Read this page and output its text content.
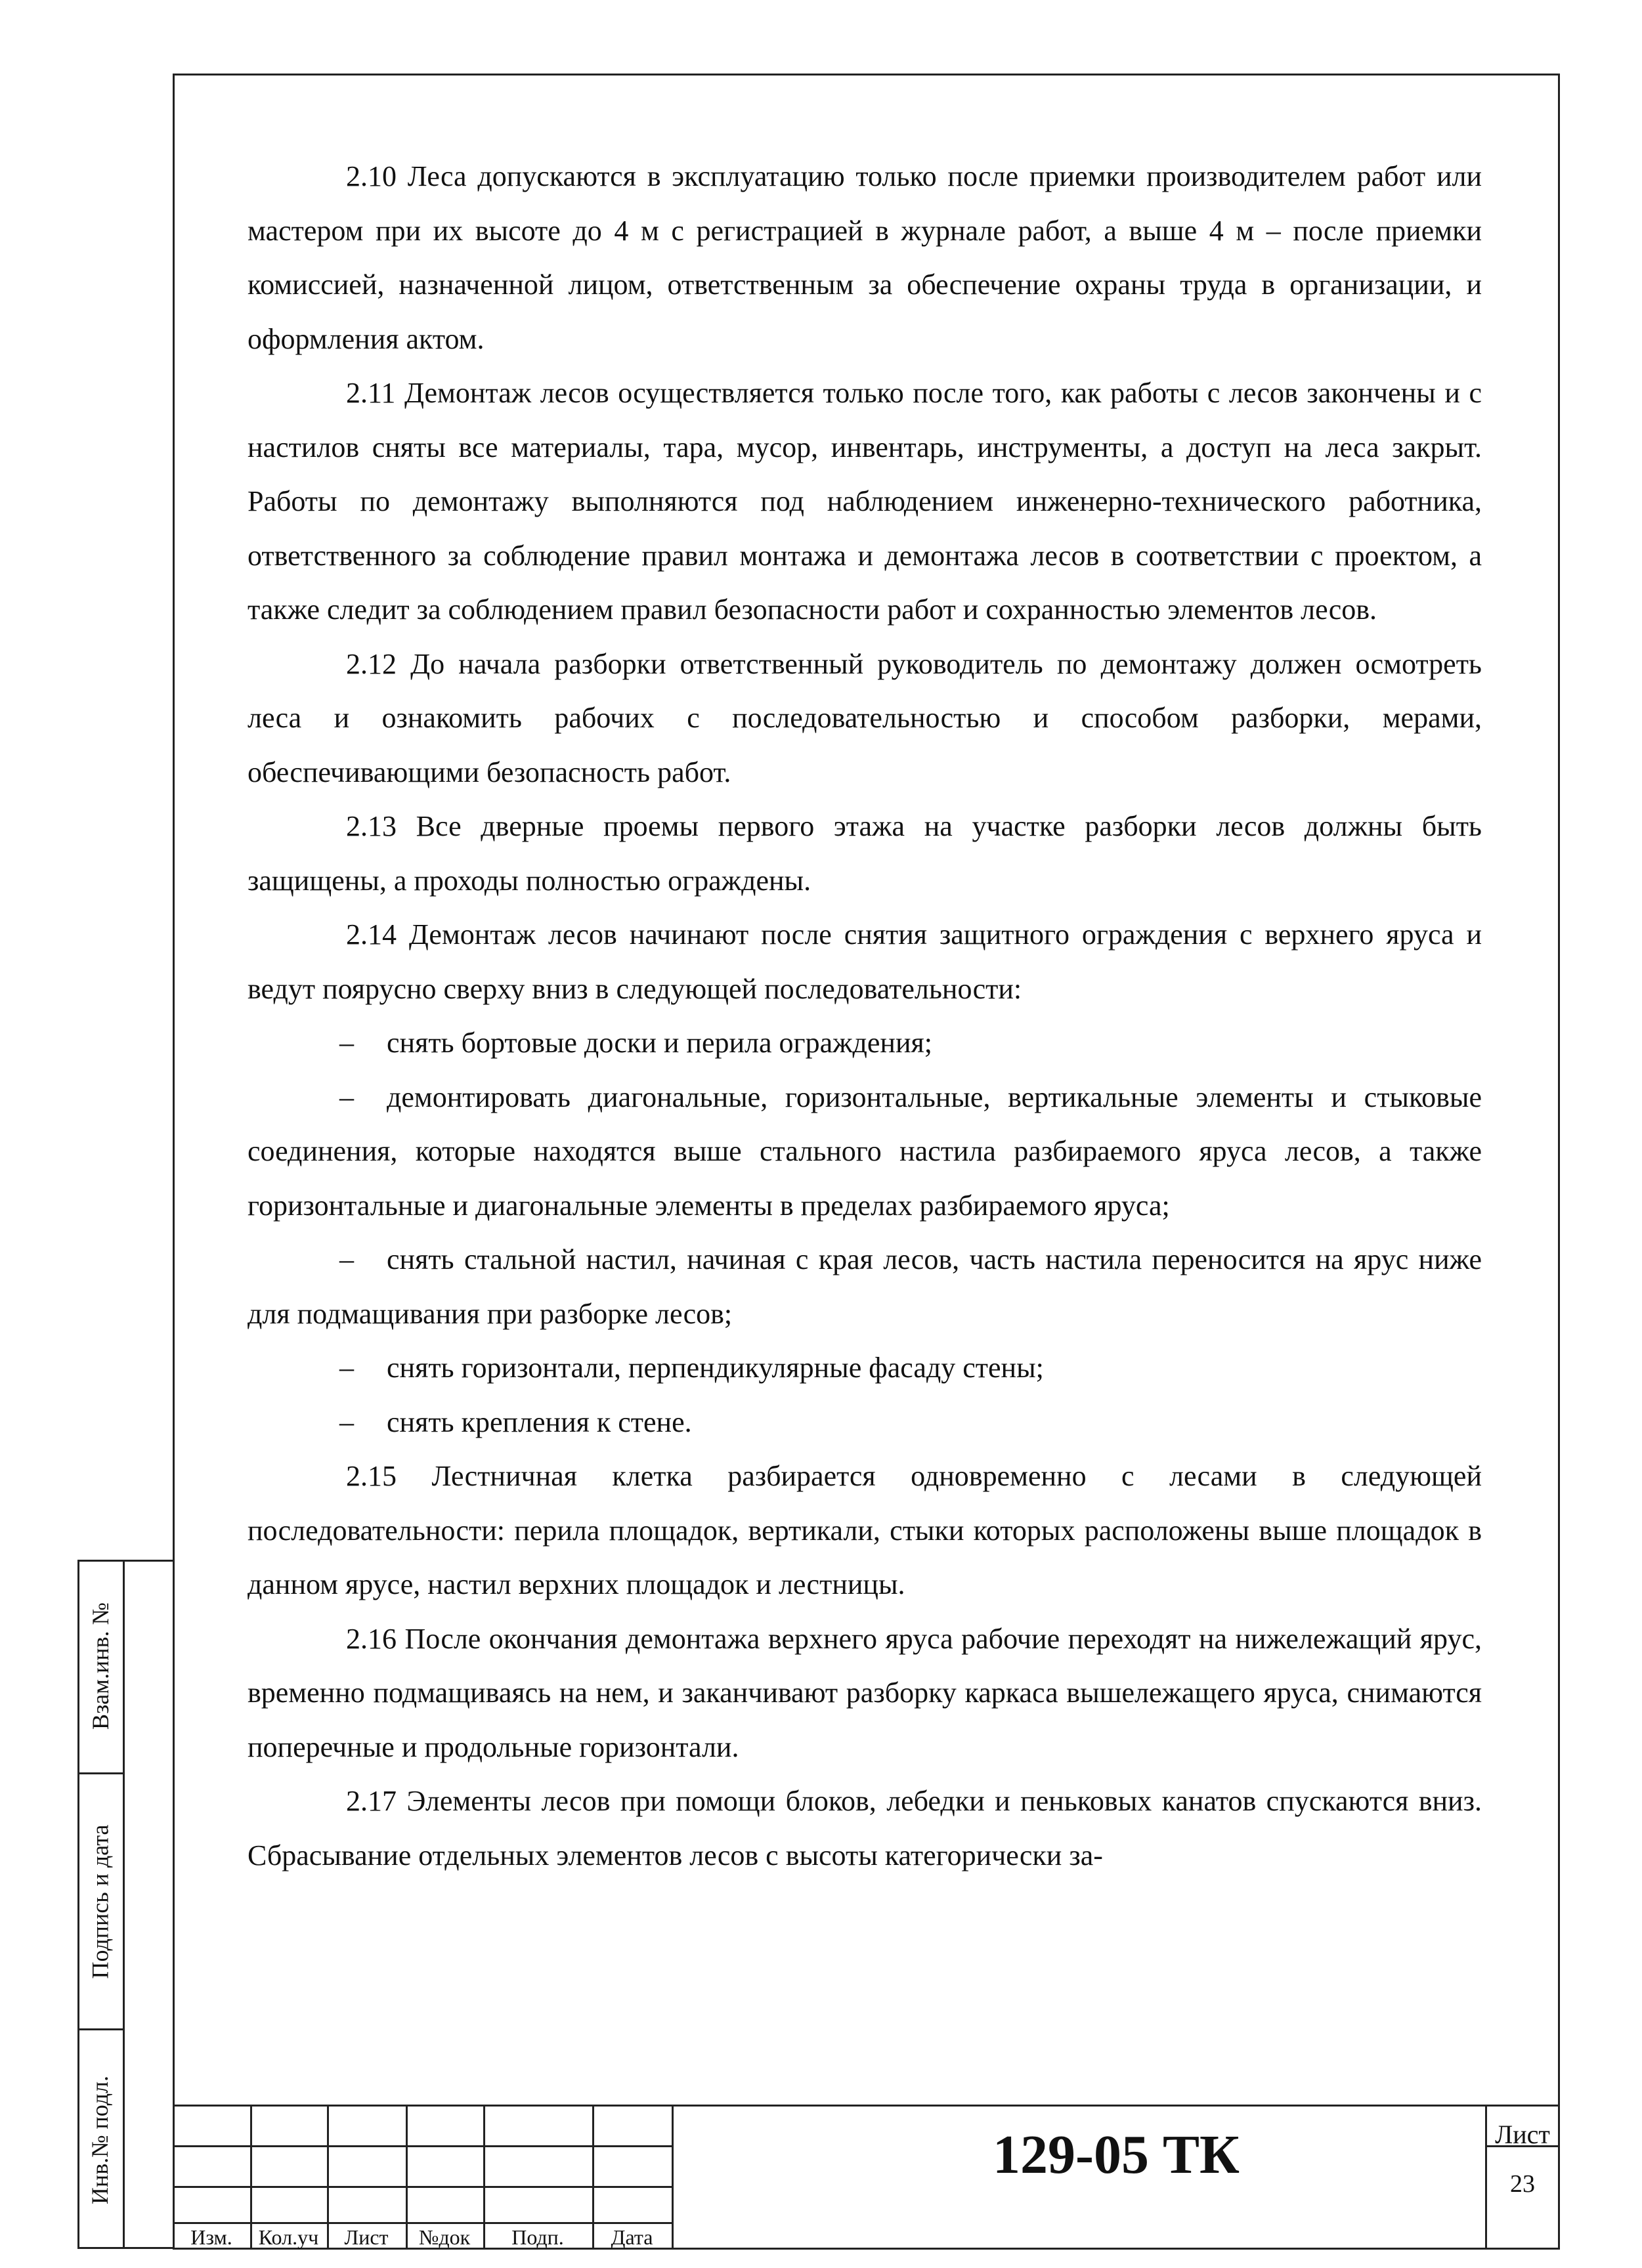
2.10 Леса допускаются в эксплуатацию только после приемки производителем работ или мастером при их высоте до 4 м с регистрацией в журнале работ, а выше 4 м – после приемки комиссией, назначенной лицом, ответственным за обеспечение охраны труда в организации, и оформления актом.

2.11 Демонтаж лесов осуществляется только после того, как работы с лесов закончены и с настилов сняты все материалы, тара, мусор, инвентарь, инструменты, а доступ на леса закрыт. Работы по демонтажу выполняются под наблюдением инженерно-технического работника, ответственного за соблюдение правил монтажа и демонтажа лесов в соответствии с проектом, а также следит за соблюдением правил безопасности работ и сохранностью элементов лесов.

2.12 До начала разборки ответственный руководитель по демонтажу должен осмотреть леса и ознакомить рабочих с последовательностью и способом разборки, мерами, обеспечивающими безопасность работ.

2.13 Все дверные проемы первого этажа на участке разборки лесов должны быть защищены, а проходы полностью ограждены.

2.14 Демонтаж лесов начинают после снятия защитного ограждения с верхнего яруса и ведут поярусно сверху вниз в следующей последовательности:

– снять бортовые доски и перила ограждения;

– демонтировать диагональные, горизонтальные, вертикальные элементы и стыковые соединения, которые находятся выше стального настила разбираемого яруса лесов, а также горизонтальные и диагональные элементы в пределах разбираемого яруса;

– снять стальной настил, начиная с края лесов, часть настила переносится на ярус ниже для подмащивания при разборке лесов;

– снять горизонтали, перпендикулярные фасаду стены;

– снять крепления к стене.

2.15 Лестничная клетка разбирается одновременно с лесами в следующей последовательности: перила площадок, вертикали, стыки которых расположены выше площадок в данном ярусе, настил верхних площадок и лестницы.

2.16 После окончания демонтажа верхнего яруса рабочие переходят на нижележащий ярус, временно подмащиваясь на нем, и заканчивают разборку каркаса вышележащего яруса, снимаются поперечные и продольные горизонтали.

2.17 Элементы лесов при помощи блоков, лебедки и пеньковых канатов спускаются вниз. Сбрасывание отдельных элементов лесов с высоты категорически за-

Взам.инв. №
Подпись и дата
Инв.№ подл.
Изм.	Кол.уч	Лист	№док	Подп.	Дата
129-05 ТК	Лист
23
